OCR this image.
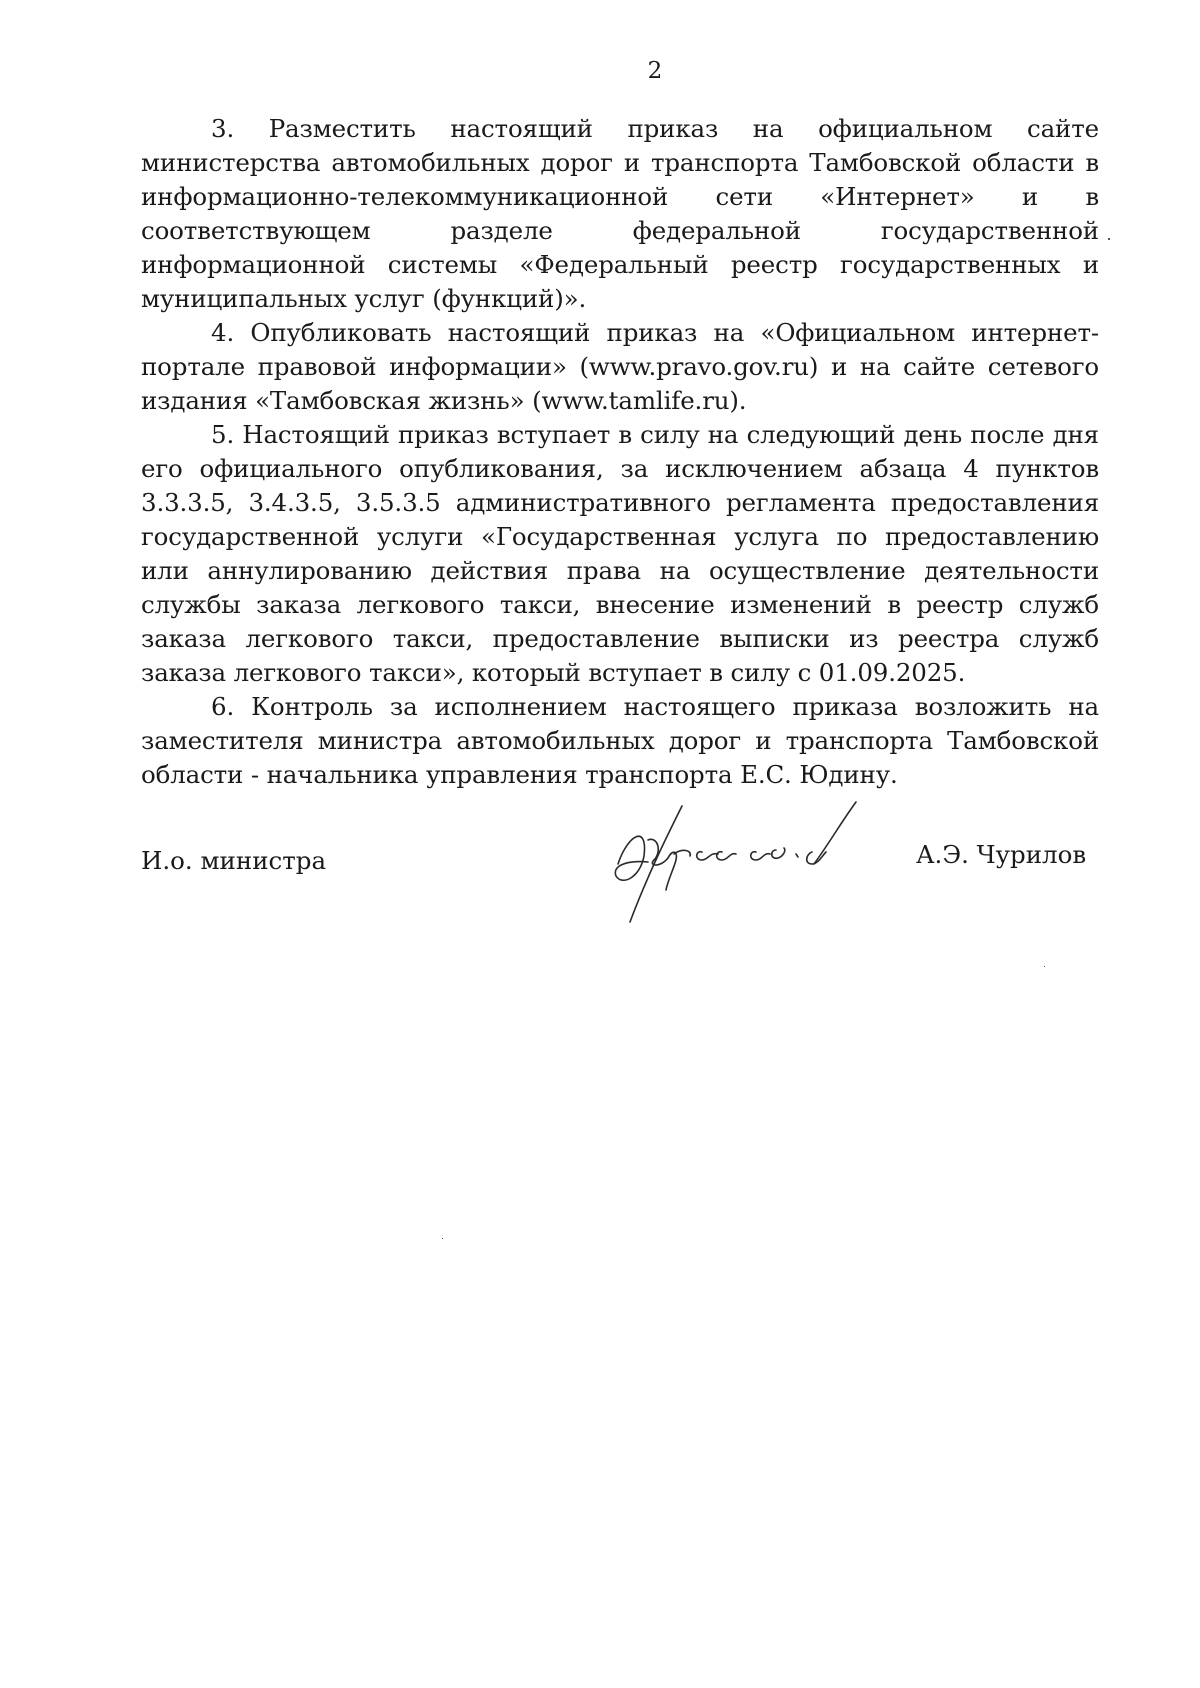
2

3. Разместить настоящий приказ на официальном сайте министерства автомобильных дорог и транспорта Тамбовской области в информационно-телекоммуникационной сети «Интернет» и в соответствующем разделе федеральной государственной информационной системы «Федеральный реестр государственных и муниципальных услуг (функций)».

4. Опубликовать настоящий приказ на «Официальном интернет-портале правовой информации» (www.pravo.gov.ru) и на сайте сетевого издания «Тамбовская жизнь» (www.tamlife.ru).

5. Настоящий приказ вступает в силу на следующий день после дня его официального опубликования, за исключением абзаца 4 пунктов 3.3.3.5, 3.4.3.5, 3.5.3.5 административного регламента предоставления государственной услуги «Государственная услуга по предоставлению или аннулированию действия права на осуществление деятельности службы заказа легкового такси, внесение изменений в реестр служб заказа легкового такси, предоставление выписки из реестра служб заказа легкового такси», который вступает в силу с 01.09.2025.

6. Контроль за исполнением настоящего приказа возложить на заместителя министра автомобильных дорог и транспорта Тамбовской области - начальника управления транспорта Е.С. Юдину.

И.о. министра	А.Э. Чурилов
